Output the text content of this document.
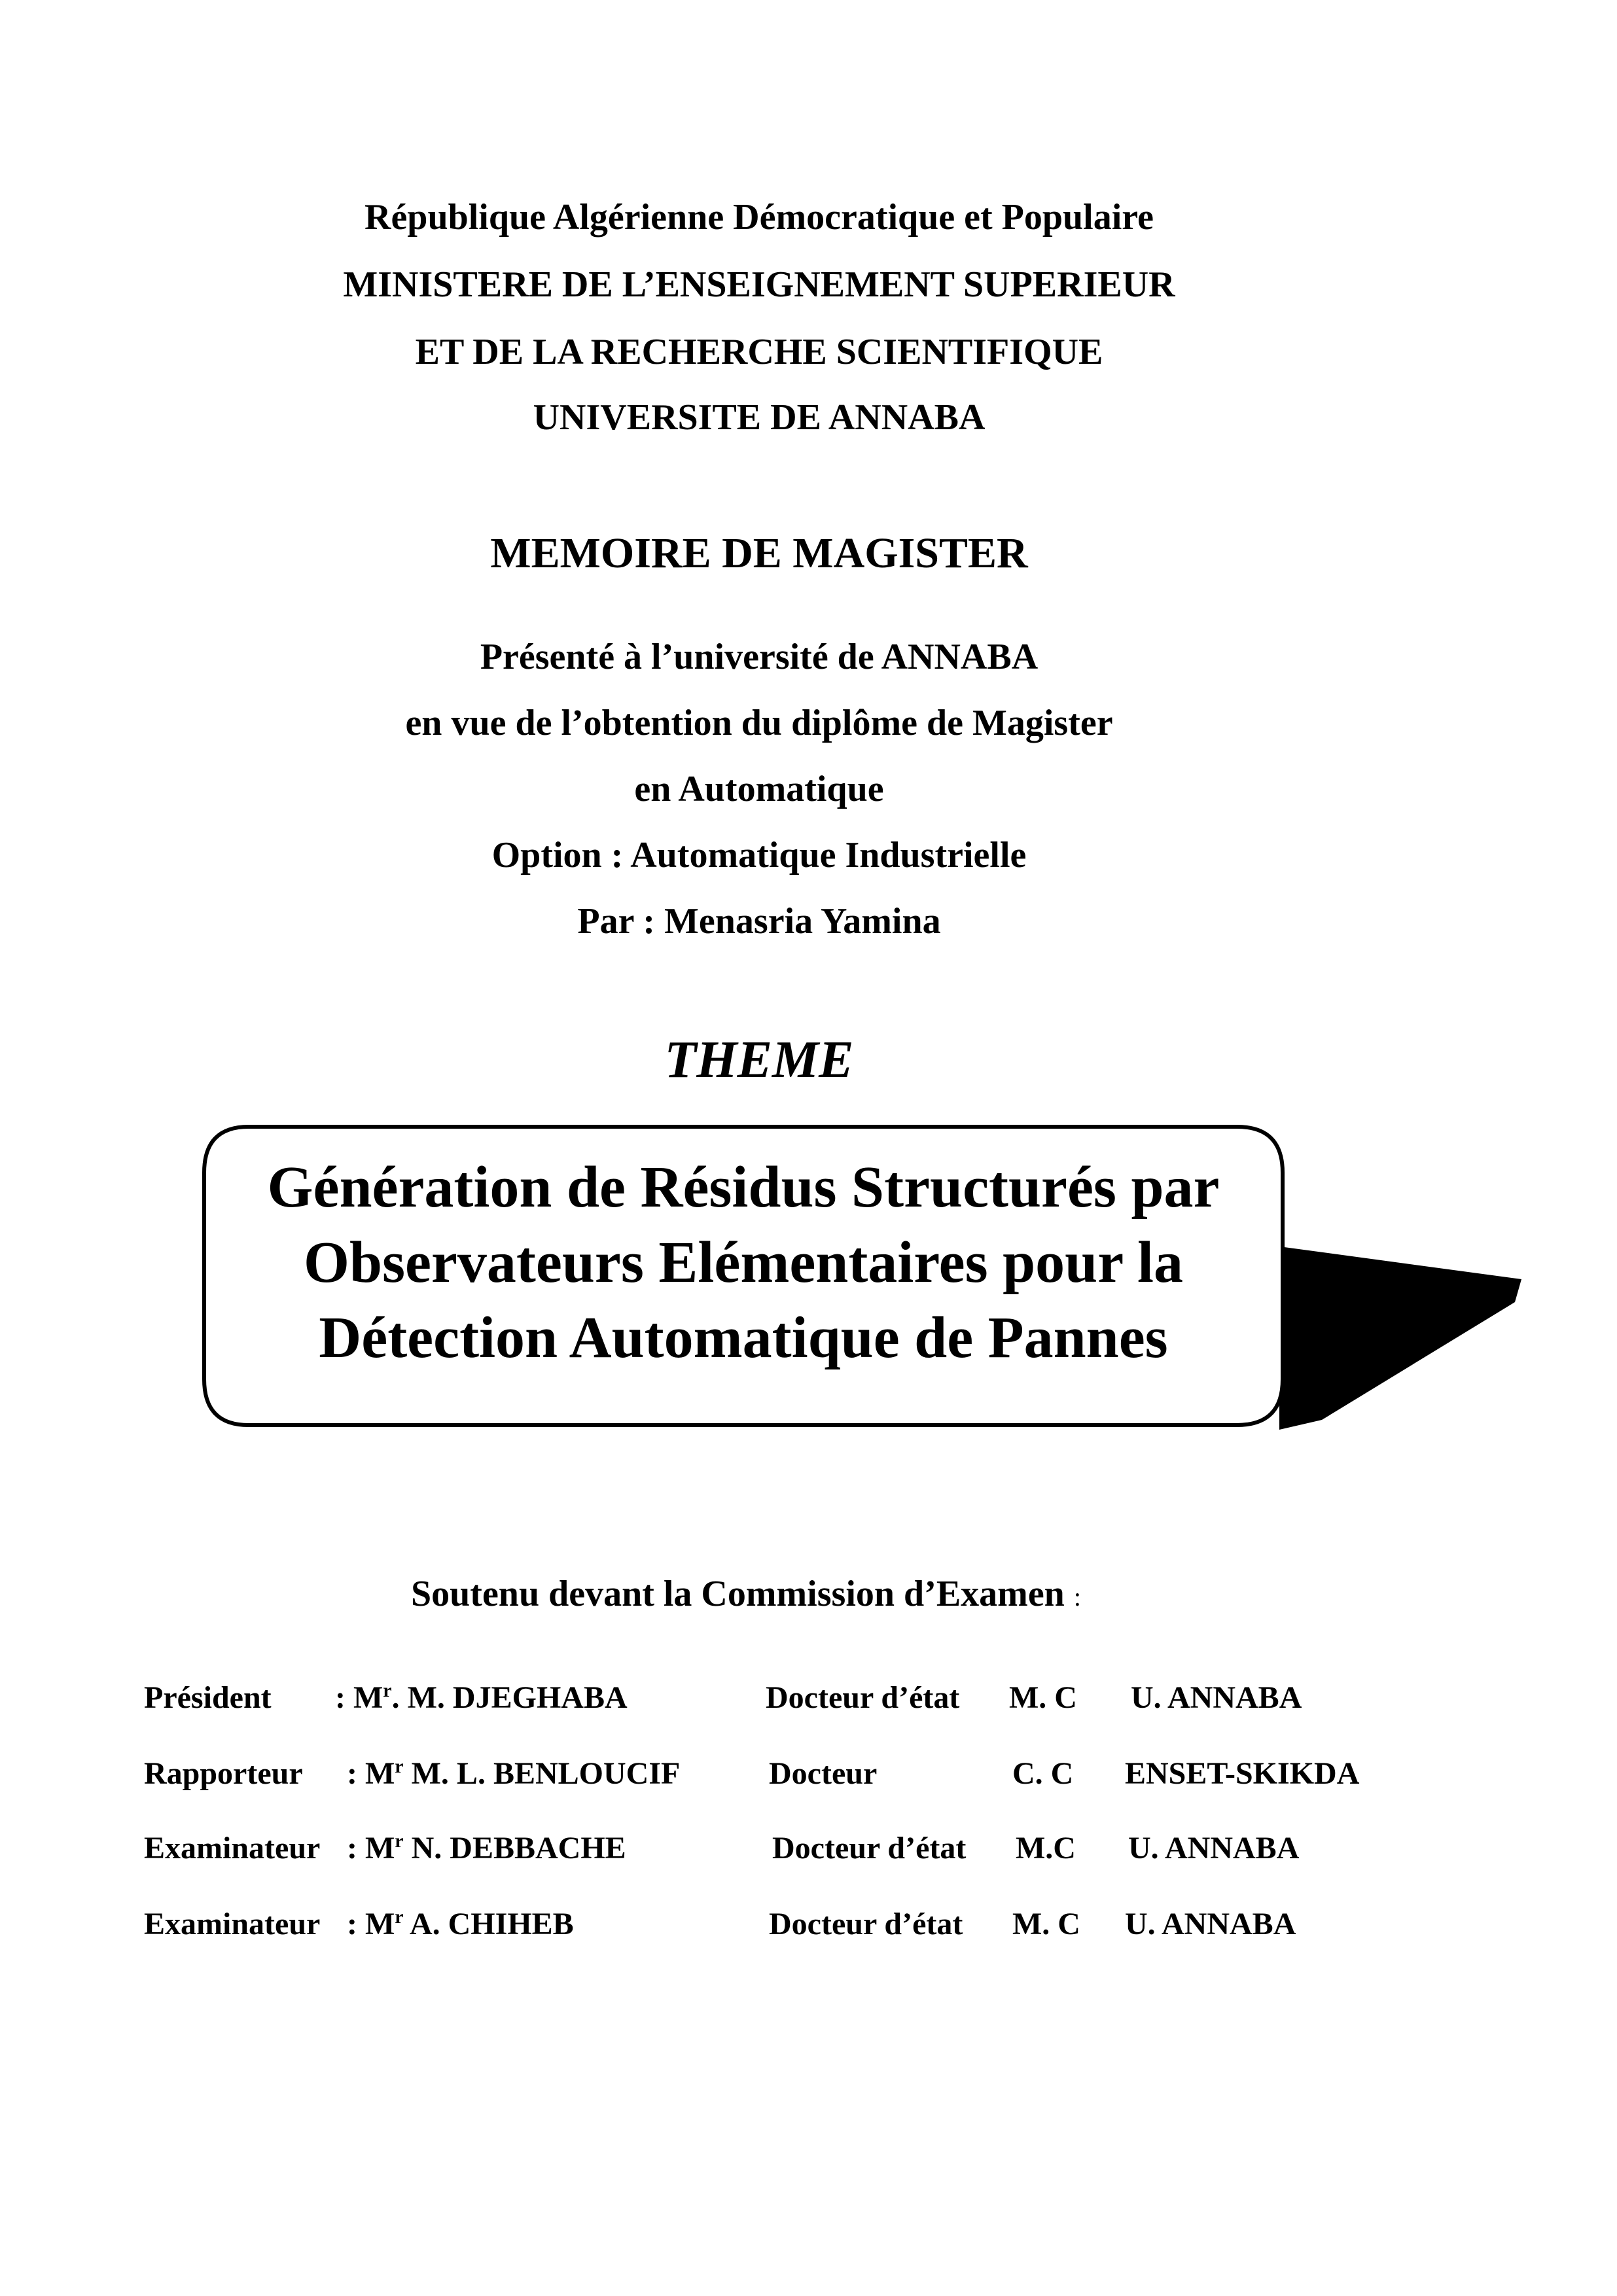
République Algérienne Démocratique et Populaire
MINISTERE DE L’ENSEIGNEMENT SUPERIEUR
ET DE LA RECHERCHE SCIENTIFIQUE
UNIVERSITE DE ANNABA
MEMOIRE DE MAGISTER
Présenté à l’université de ANNABA
en vue de l’obtention du diplôme de Magister
en Automatique
Option : Automatique Industrielle
Par : Menasria Yamina
THEME
Génération de Résidus Structurés par
Observateurs Elémentaires pour la
Détection Automatique de Pannes
Soutenu devant la Commission d’Examen :
Président : $M^r$. M. DJEGHABA	Docteur d’état M. C U. ANNABA
Rapporteur : $M^r$ M. L. BENLOUCIF	Docteur	C. C ENSET-SKIKDA
Examinateur : $M^r$ N. DEBBACHE	Docteur d’état M.C U. ANNABA
Examinateur : $M^r$ A. CHIHEB	Docteur d’état M. C U. ANNABA
